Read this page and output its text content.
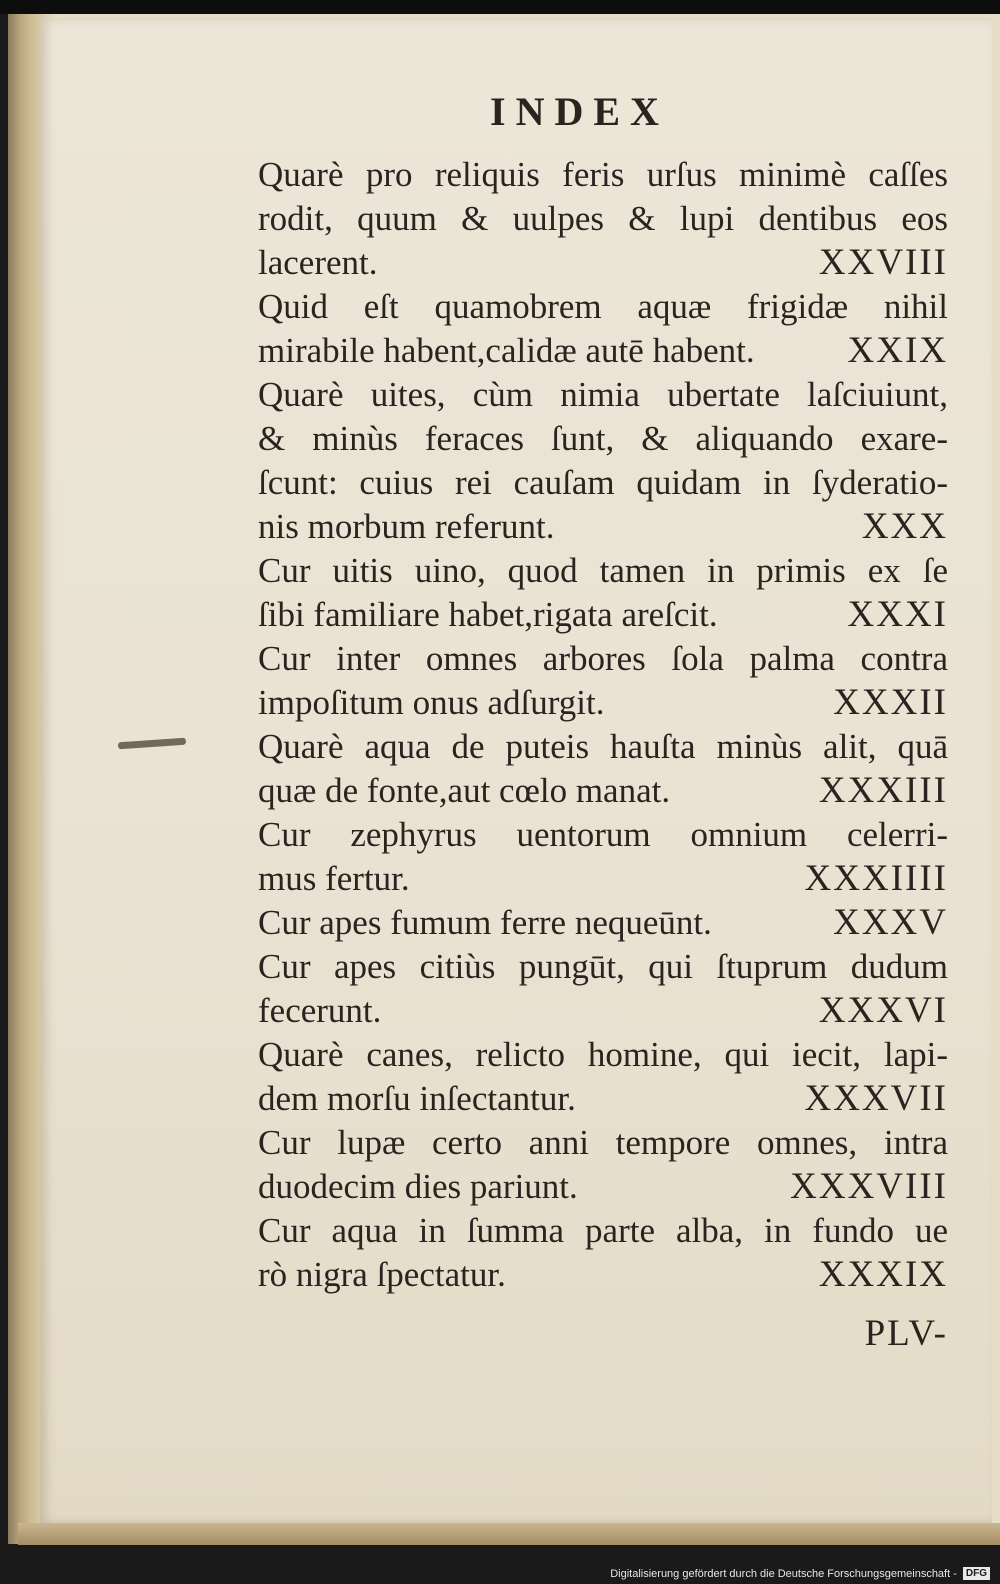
INDEX
Quarè pro reliquis feris urſus minimè caſſes
rodit, quum & uulpes & lupi dentibus eos
lacerent.	XXVIII
Quid eſt quamobrem aquæ frigidæ nihil
mirabile habent,calidæ autē habent.	XXIX
Quarè uites, cùm nimia ubertate laſciuiunt,
& minùs feraces ſunt, & aliquando exare-
ſcunt: cuius rei cauſam quidam in ſyderatio-
nis morbum referunt.	XXX
Cur uitis uino, quod tamen in primis ex ſe
ſibi familiare habet,rigata areſcit.	XXXI
Cur inter omnes arbores ſola palma contra
impoſitum onus adſurgit.	XXXII
Quarè aqua de puteis hauſta minùs alit, quā
quæ de fonte,aut cœlo manat.	XXXIII
Cur zephyrus uentorum omnium celerri-
mus fertur.	XXXIIII
Cur apes fumum ferre nequeūnt.	XXXV
Cur apes citiùs pungūt, qui ſtuprum dudum
fecerunt.	XXXVI
Quarè canes, relicto homine, qui iecit, lapi-
dem morſu inſectantur.	XXXVII
Cur lupæ certo anni tempore omnes, intra
duodecim dies pariunt.	XXXVIII
Cur aqua in ſumma parte alba, in fundo ue
rò nigra ſpectatur.	XXXIX
PLV-
Digitalisierung gefördert durch die Deutsche Forschungsgemeinschaft - DFG
